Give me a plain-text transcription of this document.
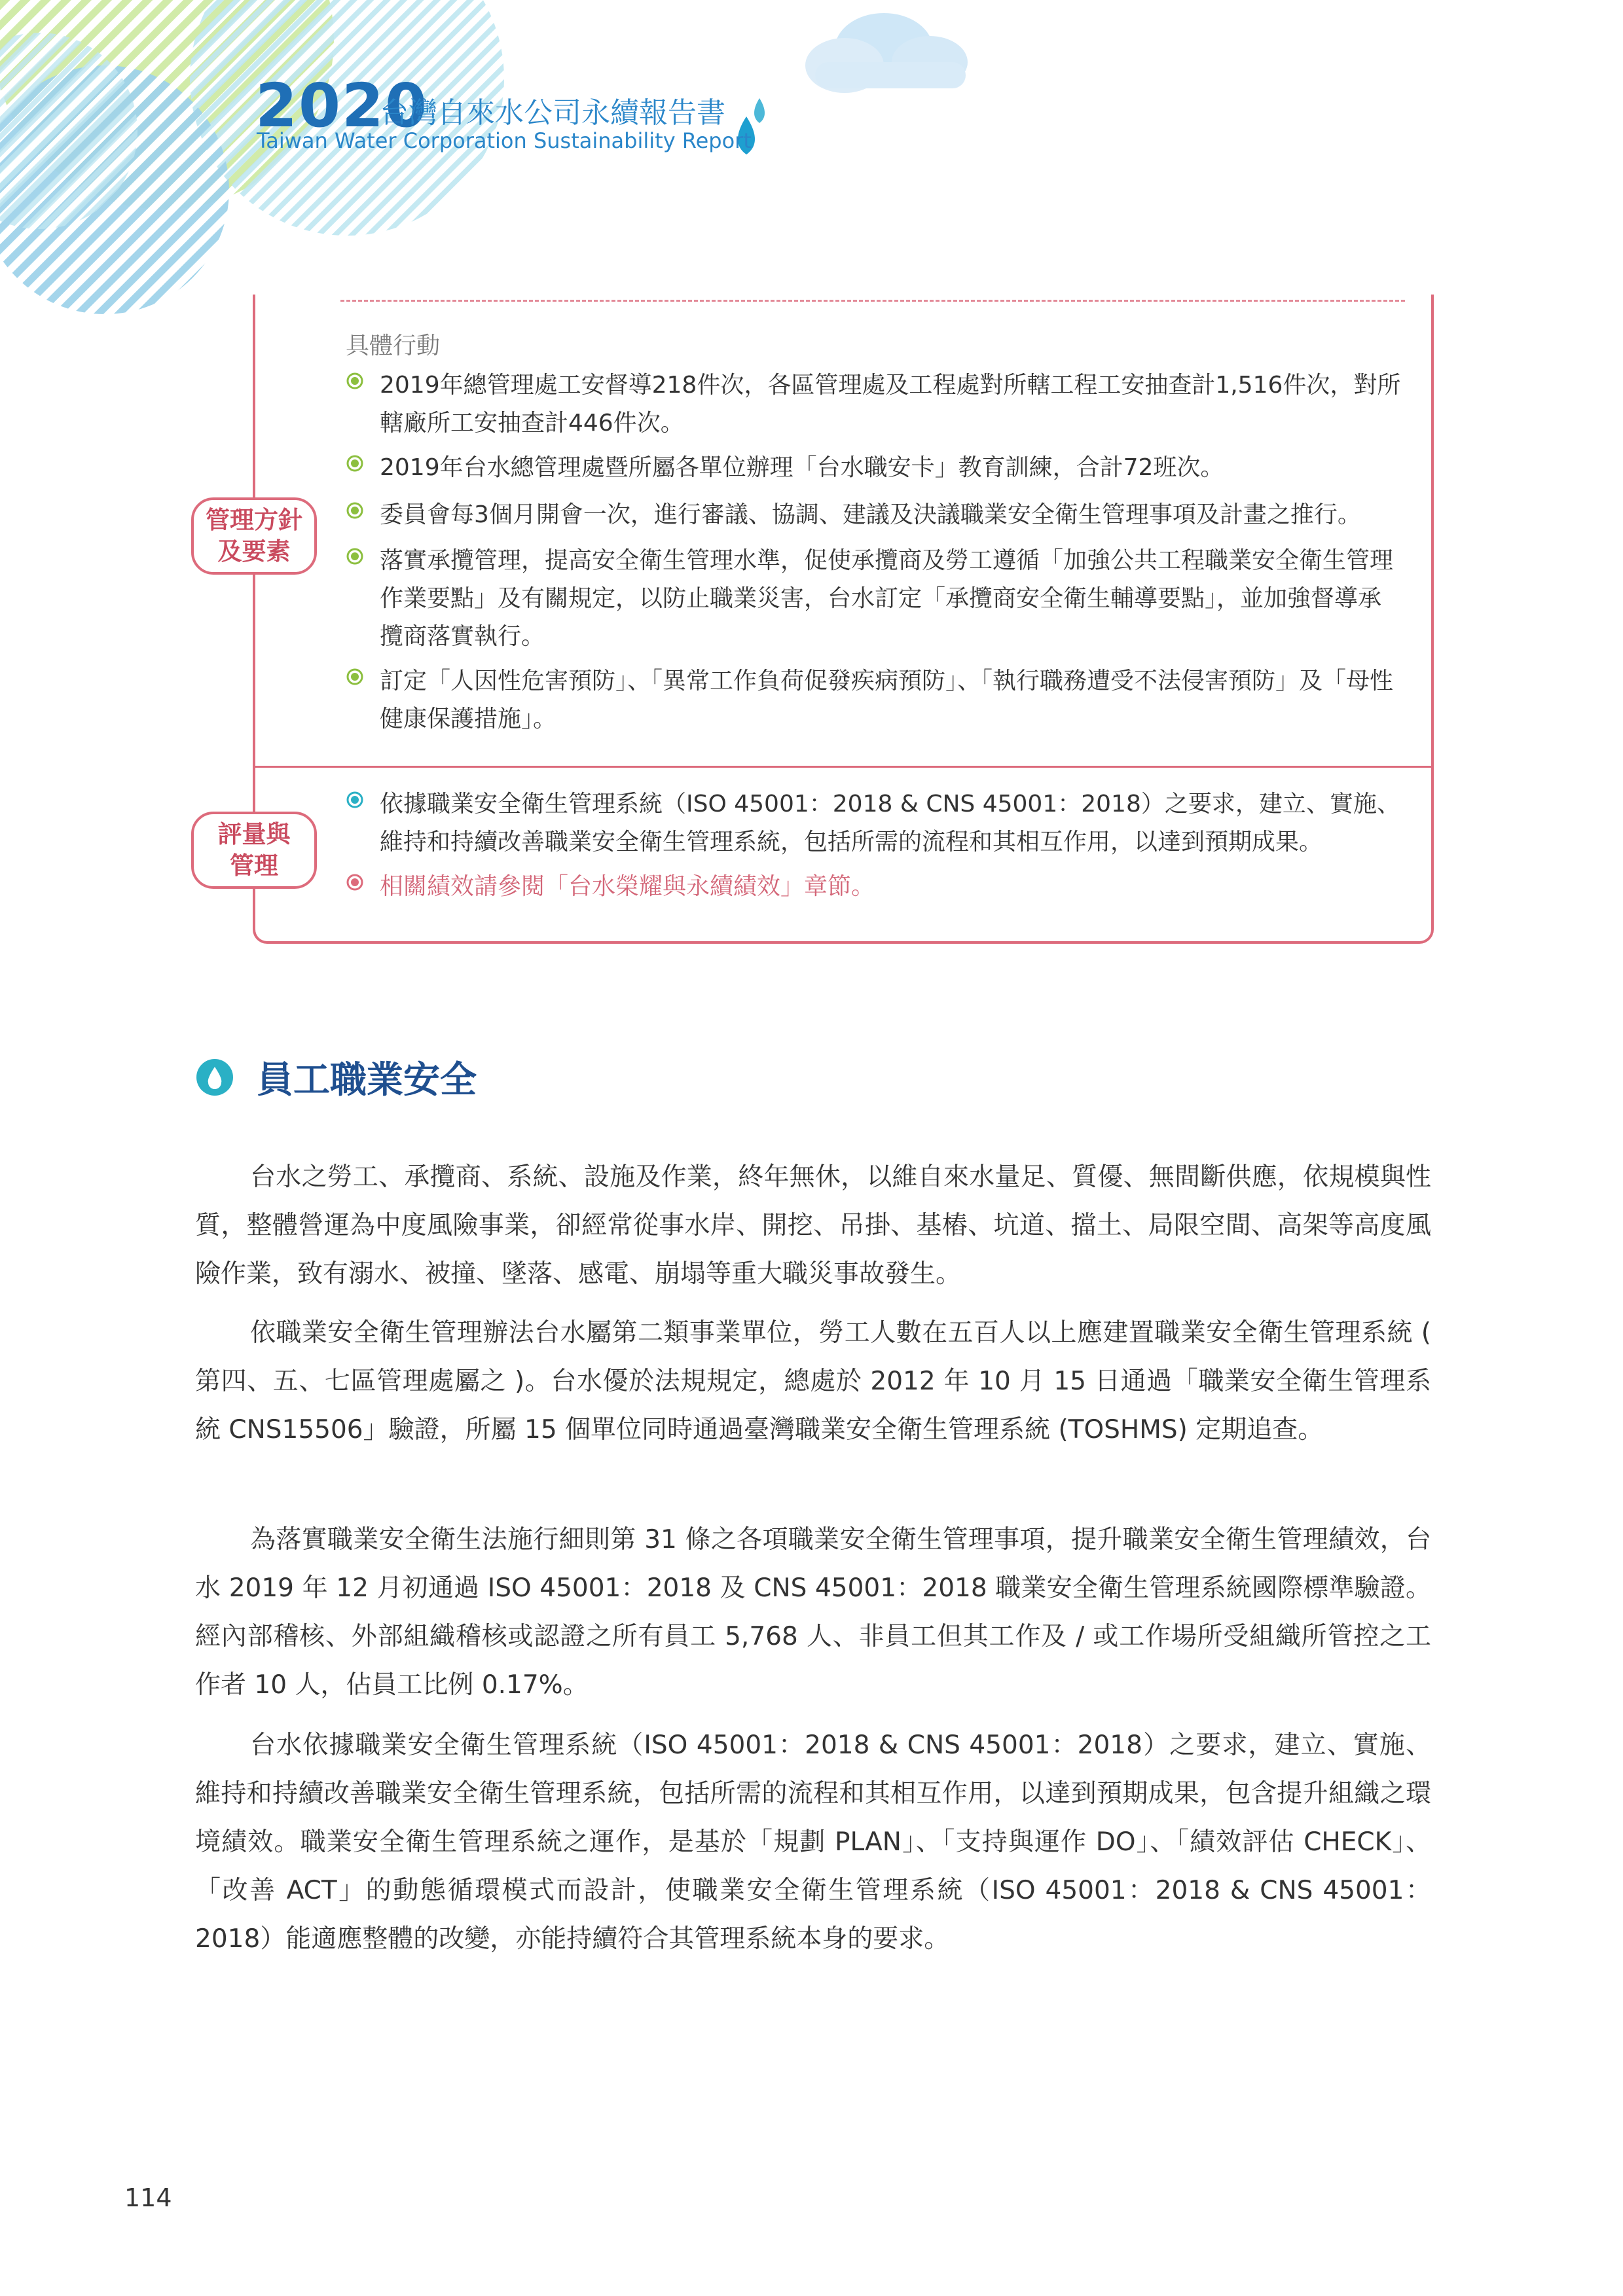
2020
台灣自來水公司永續報告書
Taiwan Water Corporation Sustainability Report
管理方針
及要素
評量與
管理
具體行動
2019年總管理處工安督導218件次，各區管理處及工程處對所轄工程工安抽查計1,516件次，對所轄廠所工安抽查計446件次。
2019年台水總管理處暨所屬各單位辦理「台水職安卡」教育訓練，合計72班次。
委員會每3個月開會一次，進行審議、協調、建議及決議職業安全衛生管理事項及計畫之推行。
落實承攬管理，提高安全衛生管理水準，促使承攬商及勞工遵循「加強公共工程職業安全衛生管理作業要點」及有關規定，以防止職業災害，台水訂定「承攬商安全衛生輔導要點」，並加強督導承攬商落實執行。
訂定「人因性危害預防」、「異常工作負荷促發疾病預防」、「執行職務遭受不法侵害預防」及「母性健康保護措施」。
依據職業安全衛生管理系統（ISO 45001：2018 & CNS 45001：2018）之要求，建立、實施、維持和持續改善職業安全衛生管理系統，包括所需的流程和其相互作用，以達到預期成果。
相關績效請參閱「台水榮耀與永續績效」章節。
員工職業安全
台水之勞工、承攬商、系統、設施及作業，終年無休，以維自來水量足、質優、無間斷供應，依規模與性質，整體營運為中度風險事業，卻經常從事水岸、開挖、吊掛、基樁、坑道、擋土、局限空間、高架等高度風險作業，致有溺水、被撞、墜落、感電、崩塌等重大職災事故發生。
依職業安全衛生管理辦法台水屬第二類事業單位，勞工人數在五百人以上應建置職業安全衛生管理系統 ( 第四、五、七區管理處屬之 )。台水優於法規規定，總處於 2012 年 10 月 15 日通過「職業安全衛生管理系統 CNS15506」驗證，所屬 15 個單位同時通過臺灣職業安全衛生管理系統 (TOSHMS) 定期追查。
為落實職業安全衛生法施行細則第 31 條之各項職業安全衛生管理事項，提升職業安全衛生管理績效，台水 2019 年 12 月初通過 ISO 45001：2018 及 CNS 45001：2018 職業安全衛生管理系統國際標準驗證。經內部稽核、外部組織稽核或認證之所有員工 5,768 人、非員工但其工作及 / 或工作場所受組織所管控之工作者 10 人，佔員工比例 0.17%。
台水依據職業安全衛生管理系統（ISO 45001：2018 & CNS 45001：2018）之要求，建立、實施、維持和持續改善職業安全衛生管理系統，包括所需的流程和其相互作用，以達到預期成果，包含提升組織之環境績效。職業安全衛生管理系統之運作，是基於「規劃 PLAN」、「支持與運作 DO」、「績效評估 CHECK」、「改善 ACT」的動態循環模式而設計，使職業安全衛生管理系統（ISO 45001：2018 & CNS 45001：2018）能適應整體的改變，亦能持續符合其管理系統本身的要求。
114
